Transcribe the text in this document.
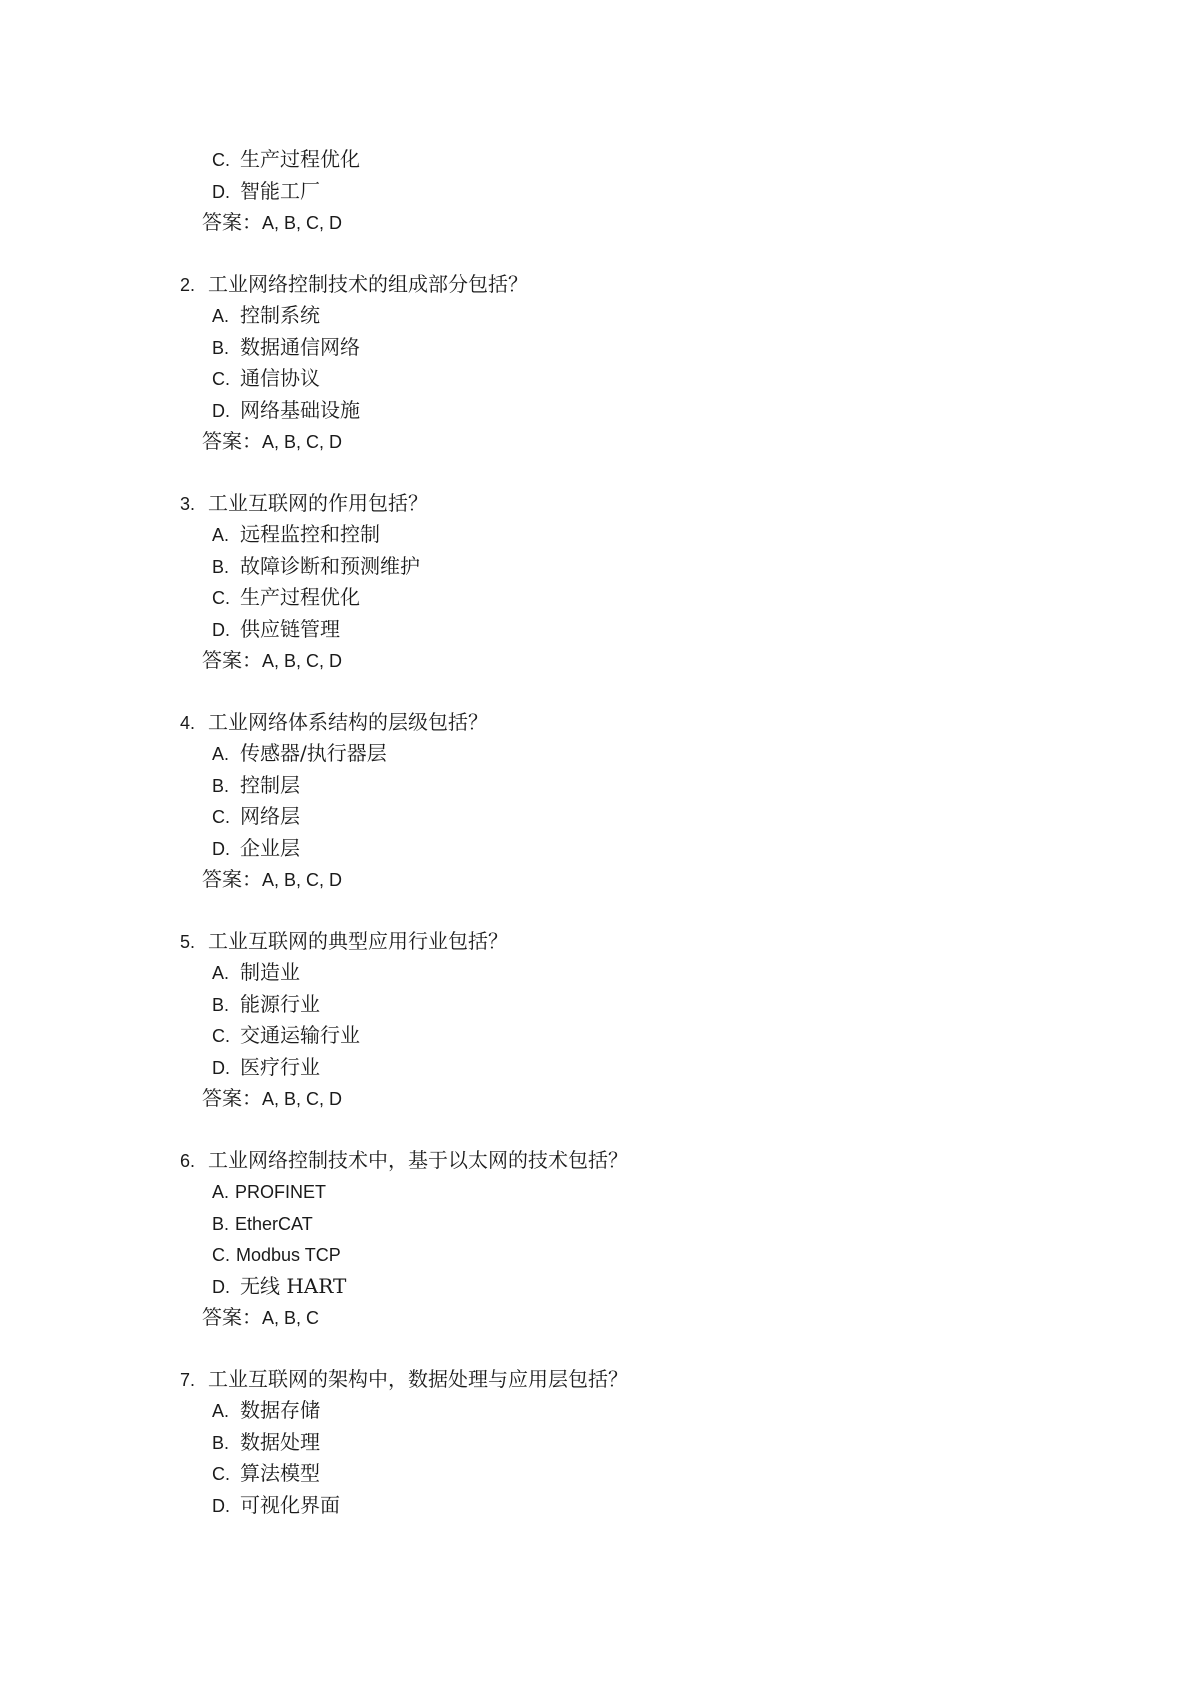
C. 生产过程优化
D. 智能工厂
答案：A, B, C, D
2. 工业网络控制技术的组成部分包括？
A. 控制系统
B. 数据通信网络
C. 通信协议
D. 网络基础设施
答案：A, B, C, D
3. 工业互联网的作用包括？
A. 远程监控和控制
B. 故障诊断和预测维护
C. 生产过程优化
D. 供应链管理
答案：A, B, C, D
4. 工业网络体系结构的层级包括？
A. 传感器/执行器层
B. 控制层
C. 网络层
D. 企业层
答案：A, B, C, D
5. 工业互联网的典型应用行业包括？
A. 制造业
B. 能源行业
C. 交通运输行业
D. 医疗行业
答案：A, B, C, D
6. 工业网络控制技术中，基于以太网的技术包括？
A. PROFINET
B. EtherCAT
C. Modbus TCP
D. 无线 HART
答案：A, B, C
7. 工业互联网的架构中，数据处理与应用层包括？
A. 数据存储
B. 数据处理
C. 算法模型
D. 可视化界面
